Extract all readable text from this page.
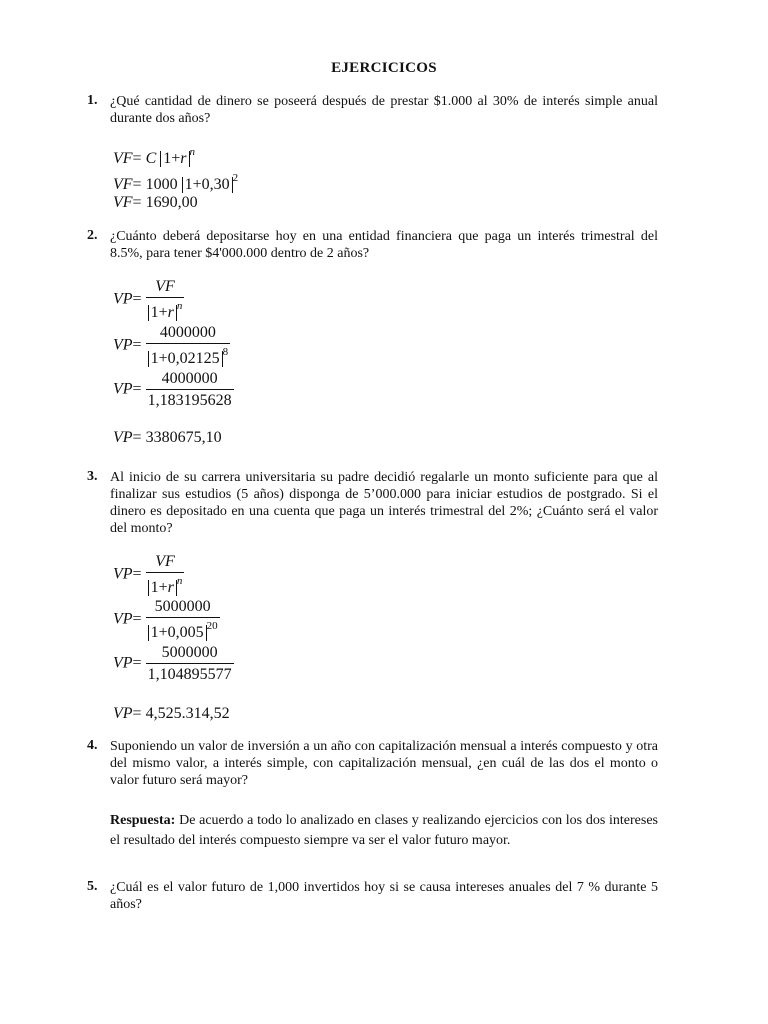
EJERCICICOS
1. ¿Qué cantidad de dinero se poseerá después de prestar $1.000 al 30% de interés simple anual durante dos años?
VF= C 1+r $^n$
VF= 1000 1+0,30 $^2$
VF= 1690,00
2. ¿Cuánto deberá depositarse hoy en una entidad financiera que paga un interés trimestral del 8.5%, para tener $4'000.000 dentro de 2 años?
$VP= \frac{VF}{1+r ^n}$
$VP= \frac{4000000}{1+0,02125 ^8}$
$VP= \frac{4000000}{1,183195628}$
VP= 3380675,10
3. Al inicio de su carrera universitaria su padre decidió regalarle un monto suficiente para que al finalizar sus estudios (5 años) disponga de 5’000.000 para iniciar estudios de postgrado. Si el dinero es depositado en una cuenta que paga un interés trimestral del 2%; ¿Cuánto será el valor del monto?
$VP= \frac{VF}{1+r ^n}$
$VP= \frac{5000000}{1+0,005 ^{20}}$
$VP= \frac{5000000}{1,104895577}$
VP= 4,525.314,52
4. Suponiendo un valor de inversión a un año con capitalización mensual a interés compuesto y otra del mismo valor, a interés simple, con capitalización mensual, ¿en cuál de las dos el monto o valor futuro será mayor?
Respuesta: De acuerdo a todo lo analizado en clases y realizando ejercicios con los dos intereses el resultado del interés compuesto siempre va ser el valor futuro mayor.
5. ¿Cuál es el valor futuro de 1,000 invertidos hoy si se causa intereses anuales del 7 % durante 5 años?
